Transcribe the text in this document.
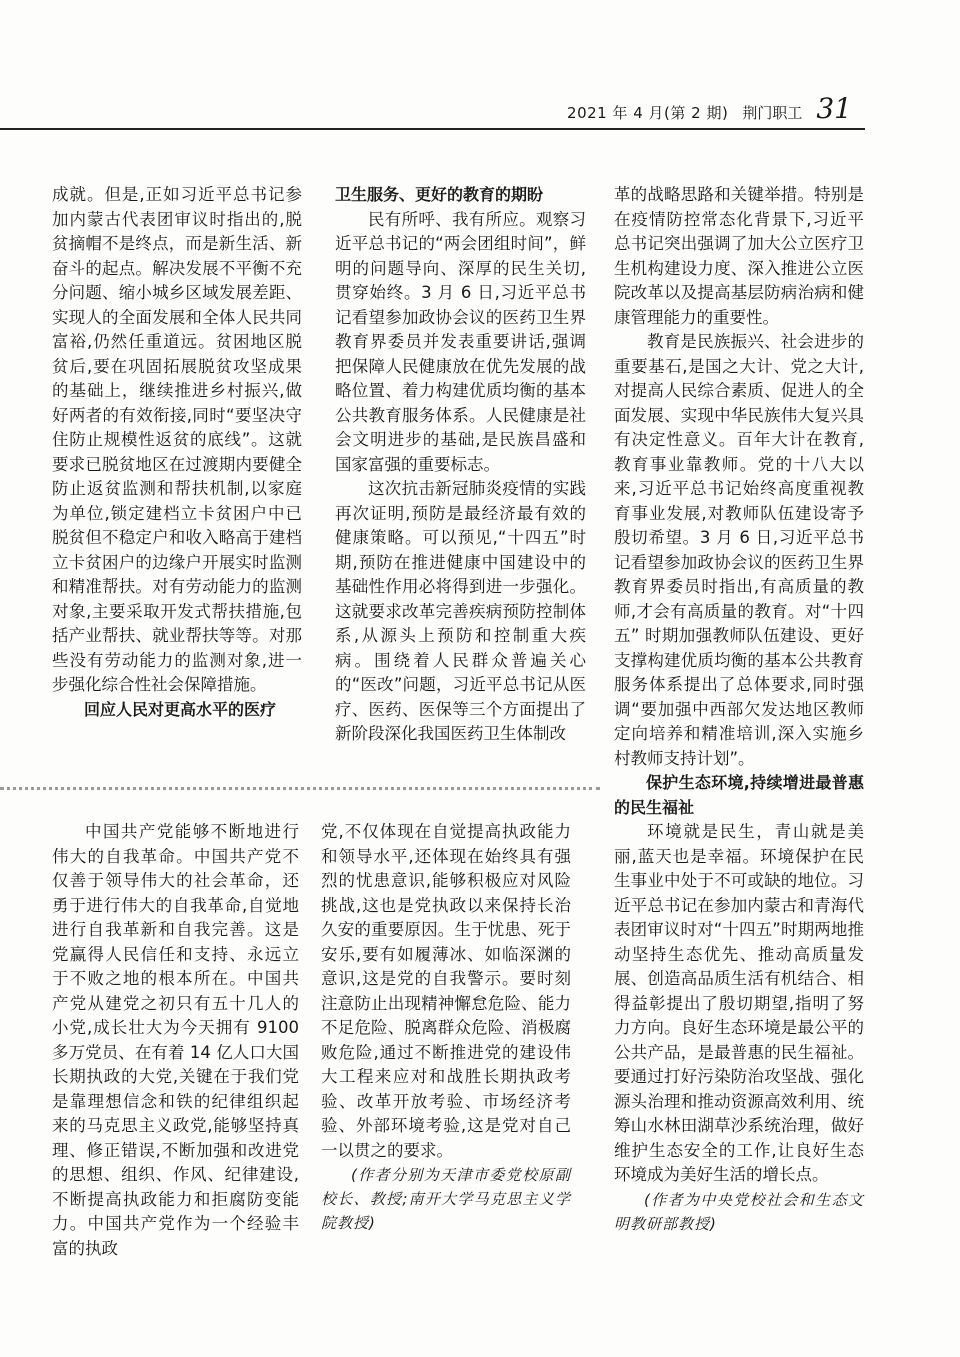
2021 年 4 月(第 2 期) 荆门职工 31

成就。但是,正如习近平总书记参加内蒙古代表团审议时指出的,脱贫摘帽不是终点，而是新生活、新奋斗的起点。解决发展不平衡不充分问题、缩小城乡区域发展差距、实现人的全面发展和全体人民共同富裕,仍然任重道远。贫困地区脱贫后,要在巩固拓展脱贫攻坚成果的基础上，继续推进乡村振兴,做好两者的有效衔接,同时“要坚决守住防止规模性返贫的底线”。这就要求已脱贫地区在过渡期内要健全防止返贫监测和帮扶机制,以家庭为单位,锁定建档立卡贫困户中已脱贫但不稳定户和收入略高于建档立卡贫困户的边缘户开展实时监测和精准帮扶。对有劳动能力的监测对象,主要采取开发式帮扶措施,包括产业帮扶、就业帮扶等等。对那些没有劳动能力的监测对象,进一步强化综合性社会保障措施。

回应人民对更高水平的医疗

卫生服务、更好的教育的期盼

民有所呼、我有所应。观察习近平总书记的“两会团组时间”，鲜明的问题导向、深厚的民生关切,贯穿始终。3 月 6 日,习近平总书记看望参加政协会议的医药卫生界教育界委员并发表重要讲话,强调把保障人民健康放在优先发展的战略位置、着力构建优质均衡的基本公共教育服务体系。人民健康是社会文明进步的基础,是民族昌盛和国家富强的重要标志。

这次抗击新冠肺炎疫情的实践再次证明,预防是最经济最有效的健康策略。可以预见,“十四五”时期,预防在推进健康中国建设中的基础性作用必将得到进一步强化。这就要求改革完善疾病预防控制体系,从源头上预防和控制重大疾病。围绕着人民群众普遍关心的“医改”问题，习近平总书记从医疗、医药、医保等三个方面提出了新阶段深化我国医药卫生体制改

革的战略思路和关键举措。特别是在疫情防控常态化背景下,习近平总书记突出强调了加大公立医疗卫生机构建设力度、深入推进公立医院改革以及提高基层防病治病和健康管理能力的重要性。

教育是民族振兴、社会进步的重要基石,是国之大计、党之大计,对提高人民综合素质、促进人的全面发展、实现中华民族伟大复兴具有决定性意义。百年大计在教育,教育事业靠教师。党的十八大以来,习近平总书记始终高度重视教育事业发展,对教师队伍建设寄予殷切希望。3 月 6 日,习近平总书记看望参加政协会议的医药卫生界教育界委员时指出,有高质量的教师,才会有高质量的教育。对“十四五” 时期加强教师队伍建设、更好支撑构建优质均衡的基本公共教育服务体系提出了总体要求,同时强调“要加强中西部欠发达地区教师定向培养和精准培训,深入实施乡村教师支持计划”。

保护生态环境,持续增进最普惠的民生福祉

环境就是民生，青山就是美丽,蓝天也是幸福。环境保护在民生事业中处于不可或缺的地位。习近平总书记在参加内蒙古和青海代表团审议时对“十四五”时期两地推动坚持生态优先、推动高质量发展、创造高品质生活有机结合、相得益彰提出了殷切期望,指明了努力方向。良好生态环境是最公平的公共产品，是最普惠的民生福祉。要通过打好污染防治攻坚战、强化源头治理和推动资源高效利用、统筹山水林田湖草沙系统治理，做好维护生态安全的工作,让良好生态环境成为美好生活的增长点。

(作者为中央党校社会和生态文明教研部教授)

中国共产党能够不断地进行伟大的自我革命。中国共产党不仅善于领导伟大的社会革命，还勇于进行伟大的自我革命,自觉地进行自我革新和自我完善。这是党赢得人民信任和支持、永远立于不败之地的根本所在。中国共产党从建党之初只有五十几人的小党,成长壮大为今天拥有 9100 多万党员、在有着 14 亿人口大国长期执政的大党,关键在于我们党是靠理想信念和铁的纪律组织起来的马克思主义政党,能够坚持真理、修正错误,不断加强和改进党的思想、组织、作风、纪律建设,不断提高执政能力和拒腐防变能力。中国共产党作为一个经验丰富的执政

党,不仅体现在自觉提高执政能力和领导水平,还体现在始终具有强烈的忧患意识,能够积极应对风险挑战,这也是党执政以来保持长治久安的重要原因。生于忧患、死于安乐,要有如履薄冰、如临深渊的意识,这是党的自我警示。要时刻注意防止出现精神懈怠危险、能力不足危险、脱离群众危险、消极腐败危险,通过不断推进党的建设伟大工程来应对和战胜长期执政考验、改革开放考验、市场经济考验、外部环境考验,这是党对自己一以贯之的要求。

(作者分别为天津市委党校原副校长、教授;南开大学马克思主义学院教授)
